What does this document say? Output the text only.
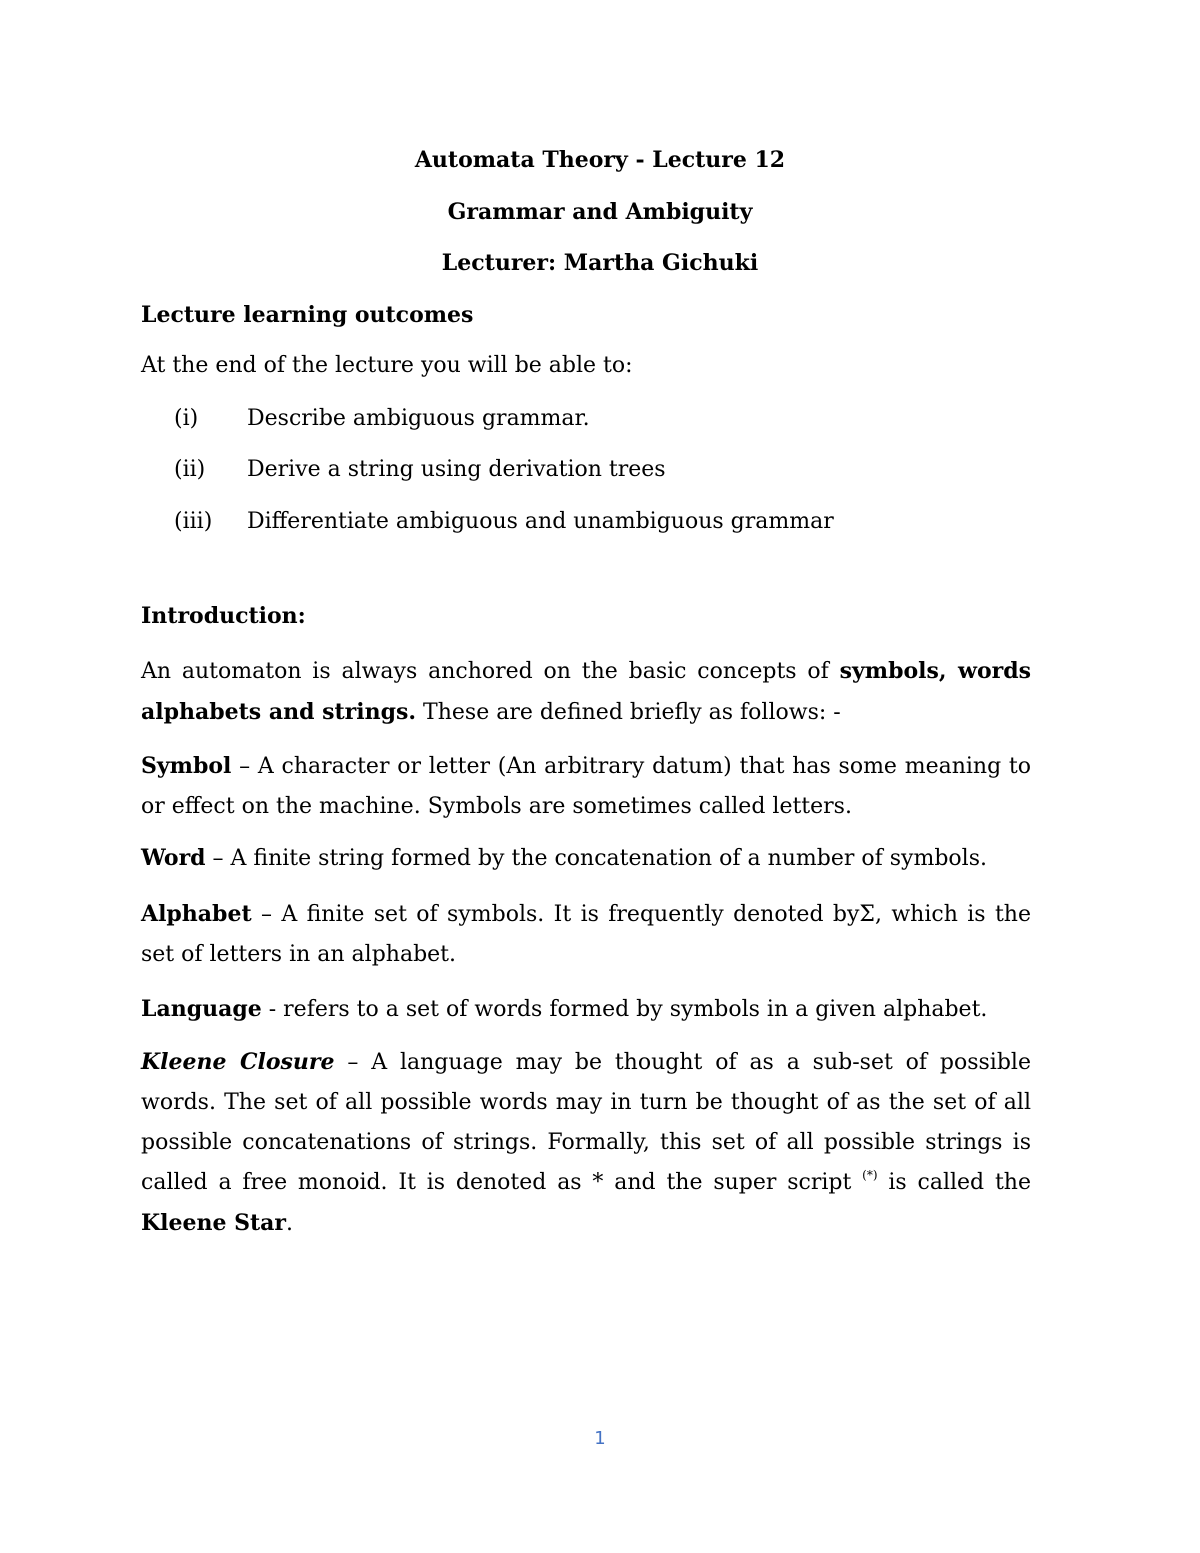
Automata Theory - Lecture 12
Grammar and Ambiguity
Lecturer: Martha Gichuki
Lecture learning outcomes
At the end of the lecture you will be able to:
(i) Describe ambiguous grammar.
(ii) Derive a string using derivation trees
(iii) Differentiate ambiguous and unambiguous grammar
Introduction:
An automaton is always anchored on the basic concepts of symbols, words alphabets and strings. These are defined briefly as follows: -
Symbol – A character or letter (An arbitrary datum) that has some meaning to or effect on the machine. Symbols are sometimes called letters.
Word – A finite string formed by the concatenation of a number of symbols.
Alphabet – A finite set of symbols. It is frequently denoted byΣ, which is the set of letters in an alphabet.
Language - refers to a set of words formed by symbols in a given alphabet.
Kleene Closure – A language may be thought of as a sub-set of possible words. The set of all possible words may in turn be thought of as the set of all possible concatenations of strings. Formally, this set of all possible strings is called a free monoid. It is denoted as * and the super script (*) is called the Kleene Star.
1
